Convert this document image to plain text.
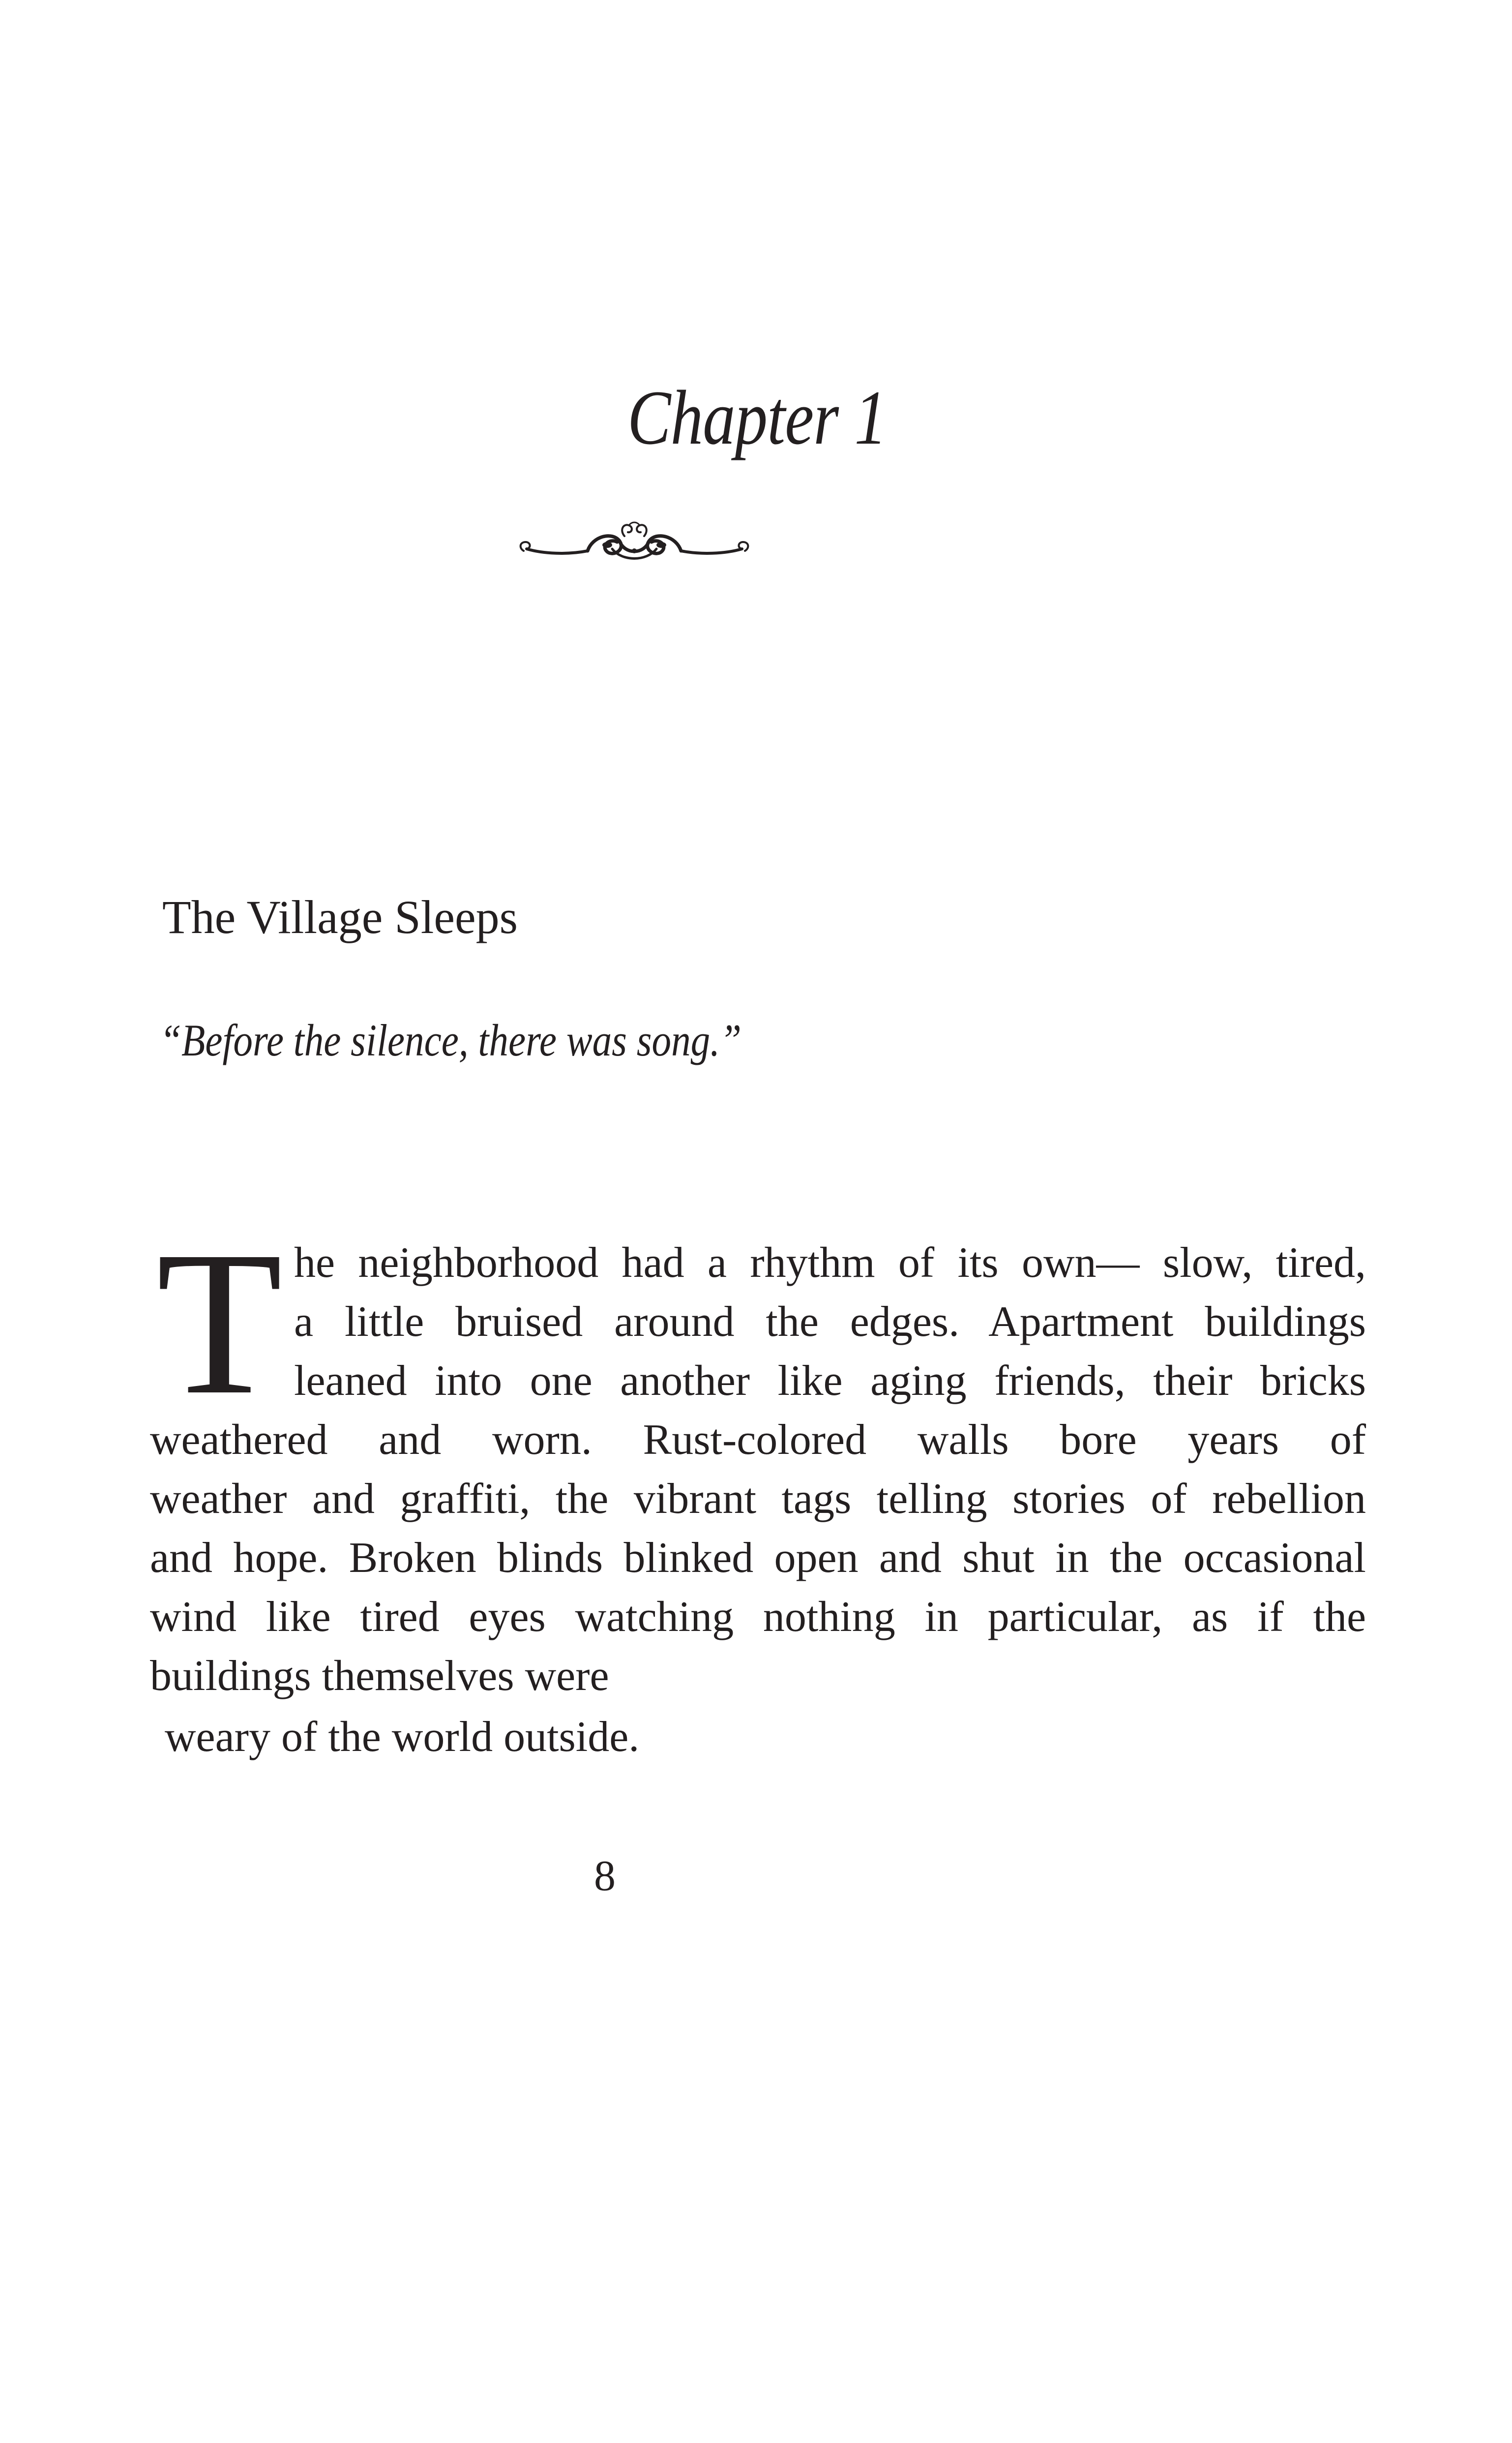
Chapter 1
The Village Sleeps
“Before the silence, there was song.”
T he neighborhood had a rhythm of its own— slow, tired,
a little bruised around the edges. Apartment buildings
leaned into one another like aging friends, their bricks
weathered and worn. Rust-colored walls bore years of
weather and graffiti, the vibrant tags telling stories of rebellion
and hope. Broken blinds blinked open and shut in the occasional
wind like tired eyes watching nothing in particular, as if the
buildings themselves were
weary of the world outside.
8
